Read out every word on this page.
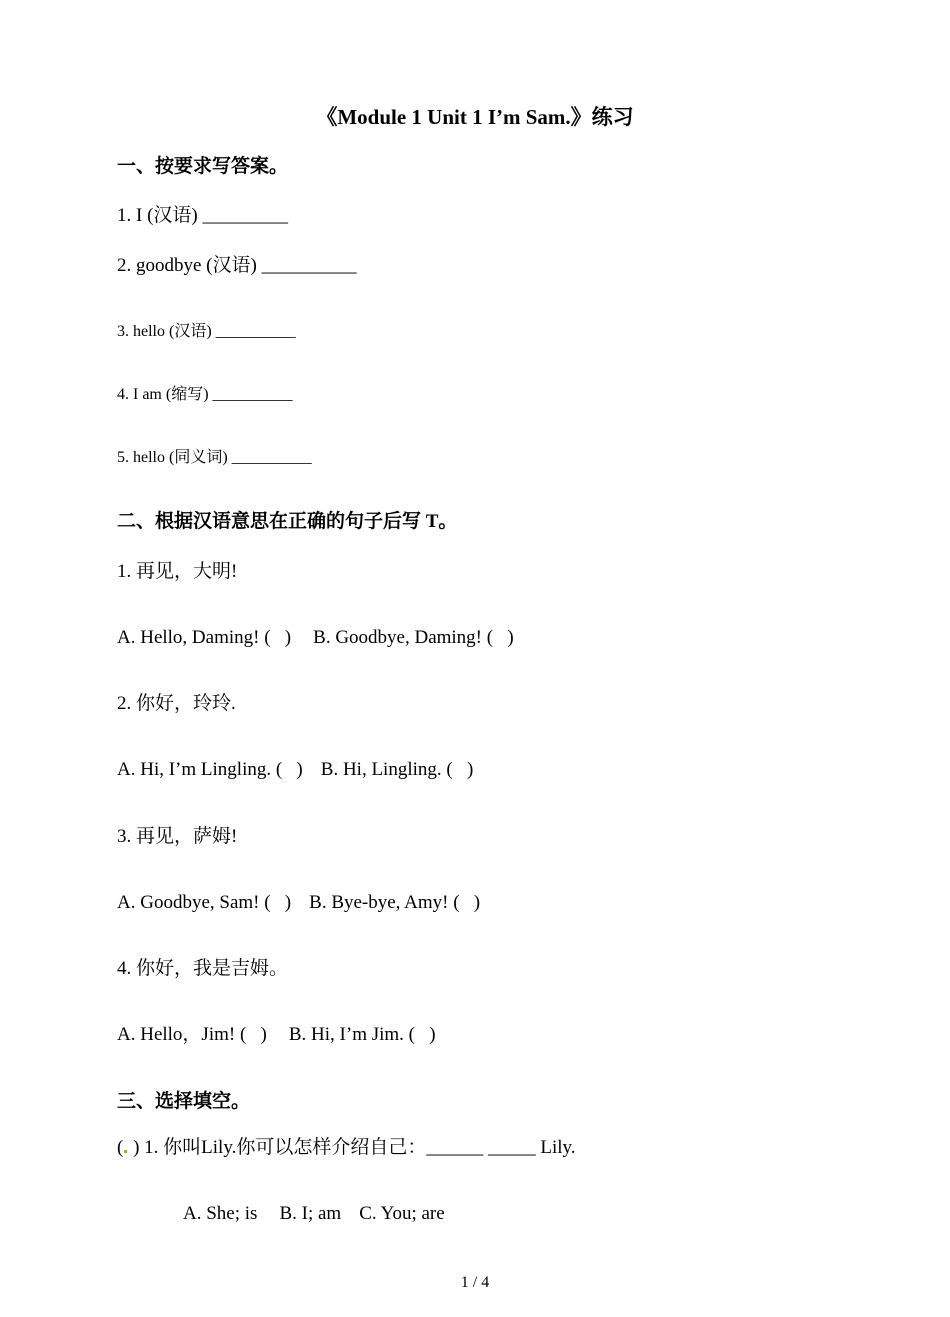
《Module 1 Unit 1 I’m Sam.》练习
一、按要求写答案。
1. I (汉语) _________
2. goodbye (汉语) __________
3. hello (汉语) __________
4. I am (缩写) __________
5. hello (同义词) __________
二、根据汉语意思在正确的句子后写 T。
1. 再见，大明!
A. Hello, Daming! (   ) B. Goodbye, Daming! (   )
2. 你好，玲玲.
A. Hi, I’m Lingling. (   ) B. Hi, Lingling. (   )
3. 再见，萨姆!
A. Goodbye, Sam! (   ) B. Bye-bye, Amy! (   )
4. 你好，我是吉姆。
A. Hello，Jim! (   ) B. Hi, I’m Jim. (   )
三、选择填空。
( ) 1. 你叫Lily.你可以怎样介绍自己：______ _____ Lily.
A. She; is B. I; am C. You; are
1 / 4
